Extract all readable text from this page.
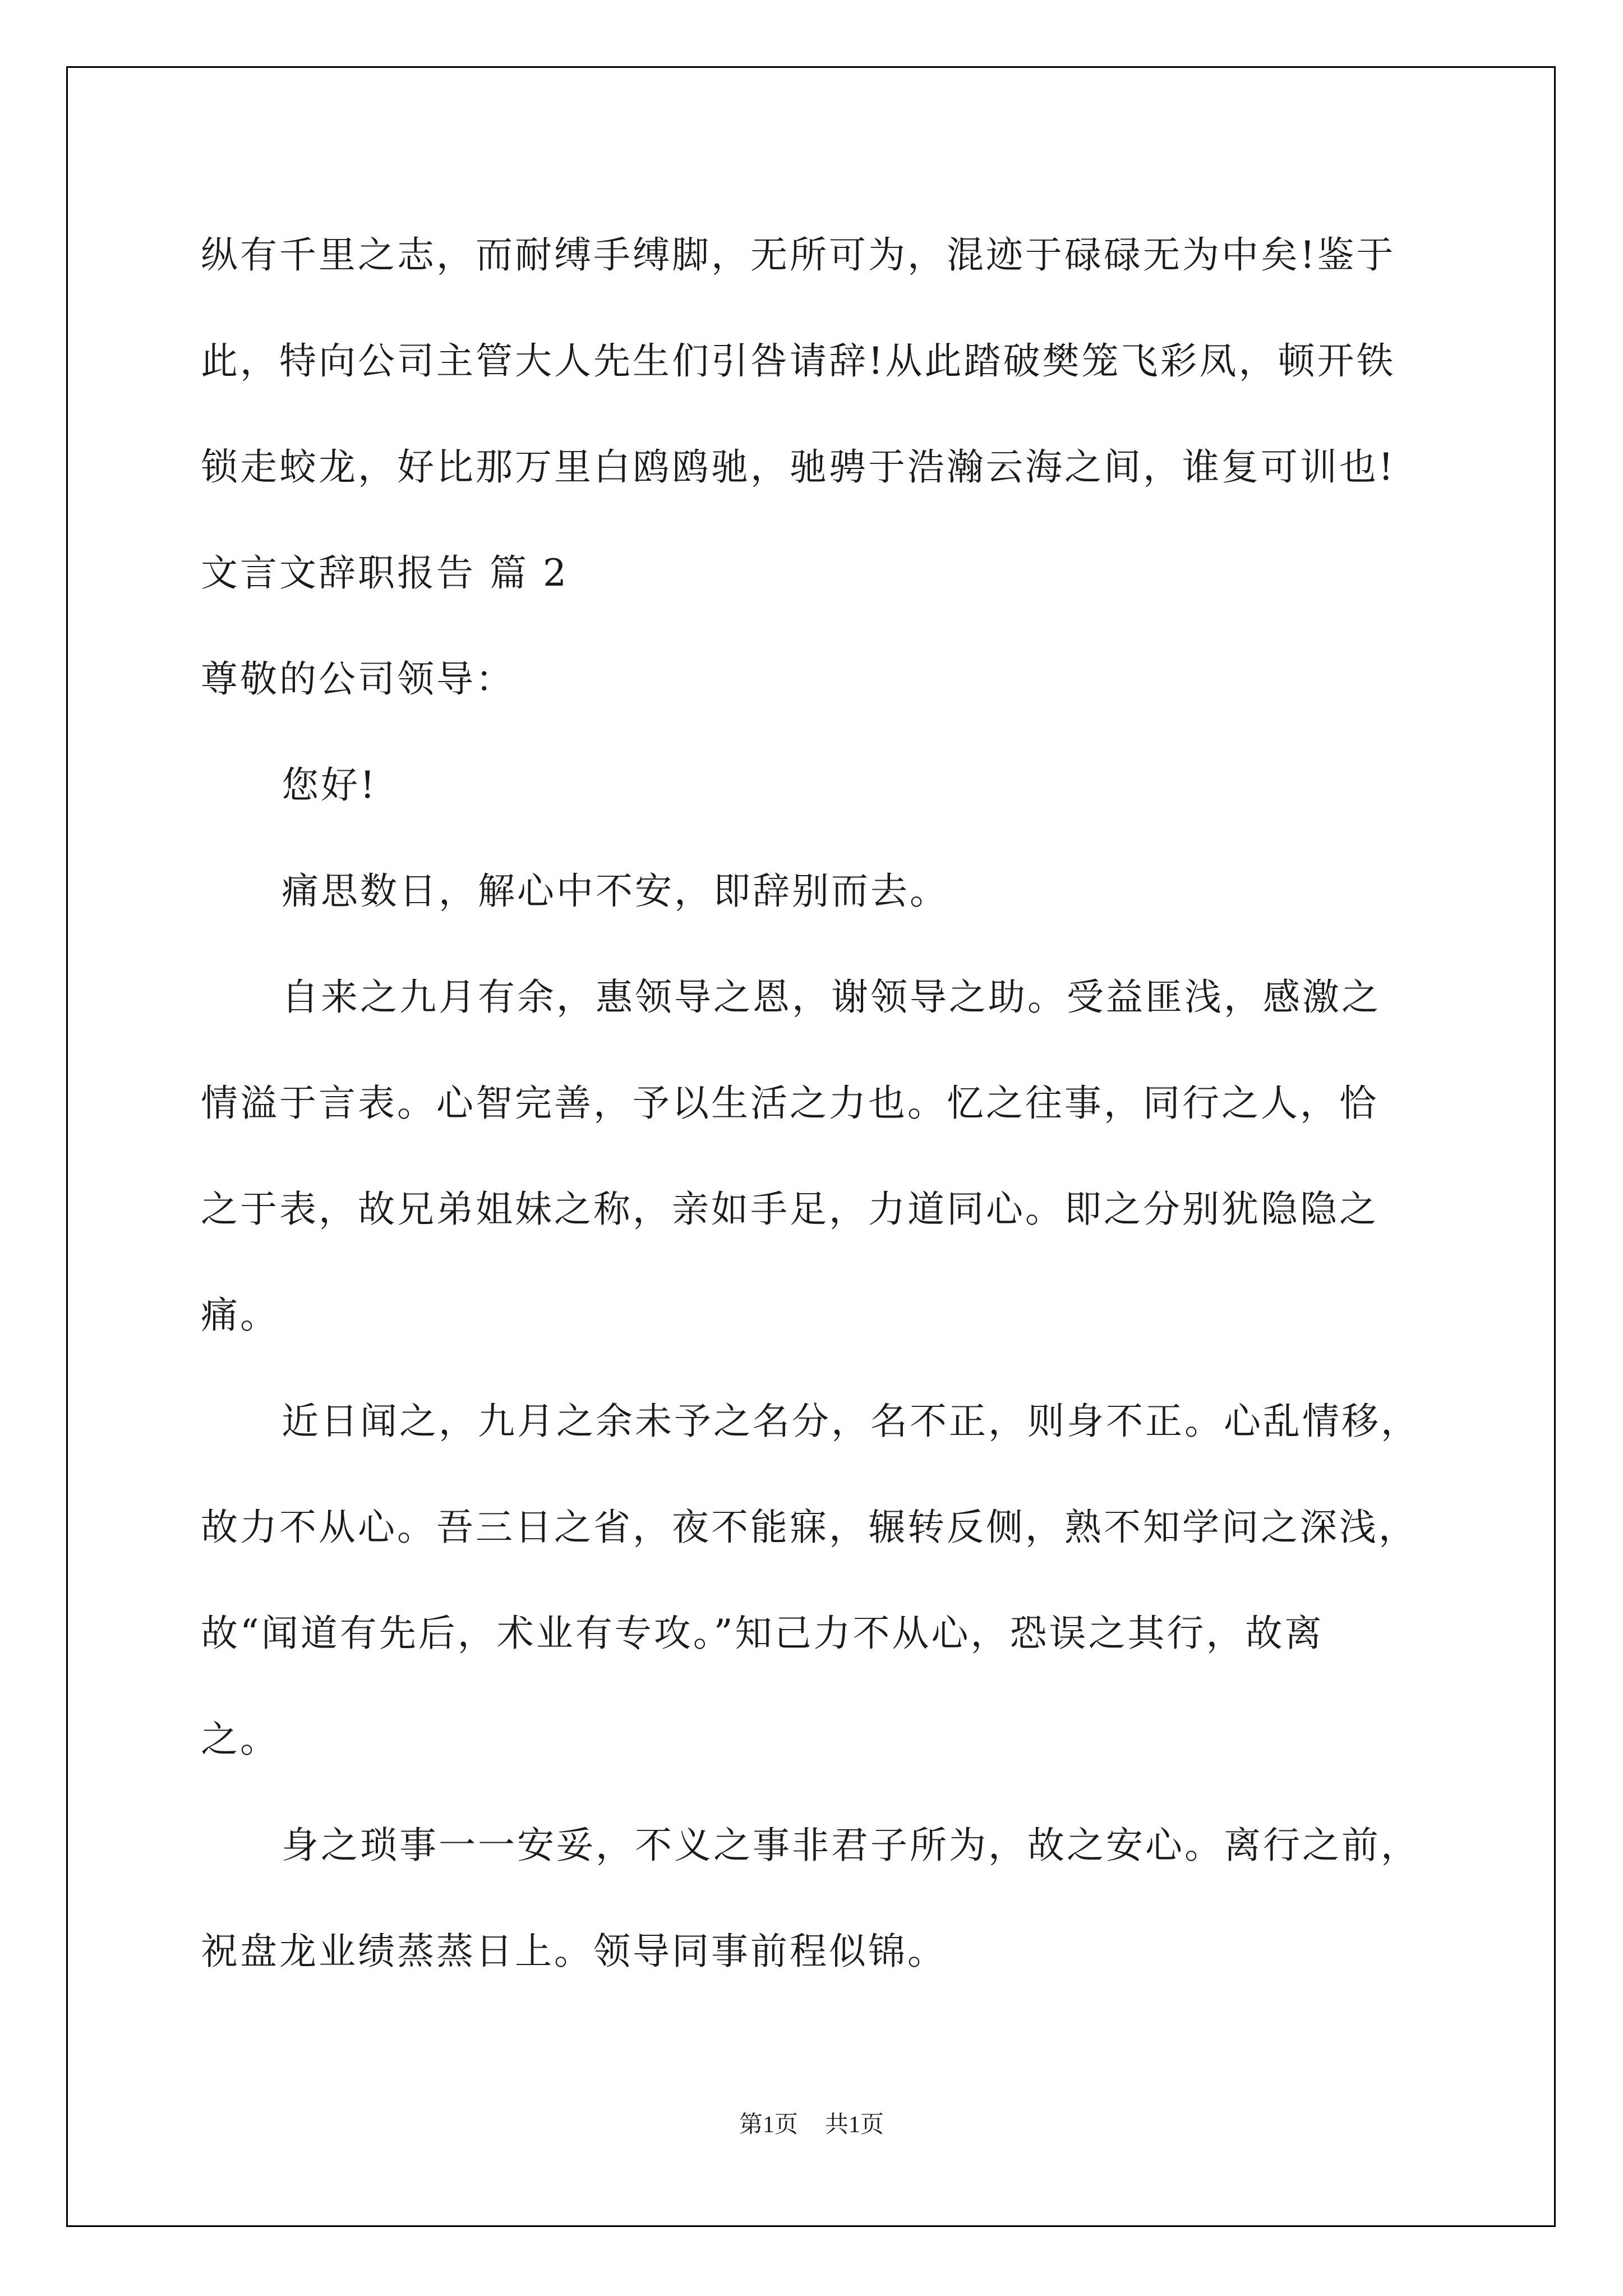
纵有千里之志，而耐缚手缚脚，无所可为，混迹于碌碌无为中矣!鉴于
此，特向公司主管大人先生们引咎请辞!从此踏破樊笼飞彩凤，顿开铁
锁走蛟龙，好比那万里白鸥鸥驰，驰骋于浩瀚云海之间，谁复可训也!
文言文辞职报告 篇 2
尊敬的公司领导：
您好!
痛思数日，解心中不安，即辞别而去。
自来之九月有余，惠领导之恩，谢领导之助。受益匪浅，感激之
情溢于言表。心智完善，予以生活之力也。忆之往事，同行之人，恰
之于表，故兄弟姐妹之称，亲如手足，力道同心。即之分别犹隐隐之
痛。
近日闻之，九月之余未予之名分，名不正，则身不正。心乱情移，
故力不从心。吾三日之省，夜不能寐，辗转反侧，熟不知学问之深浅，
故“闻道有先后，术业有专攻。”知己力不从心，恐误之其行，故离
之。
身之琐事一一安妥，不义之事非君子所为，故之安心。离行之前，
祝盘龙业绩蒸蒸日上。领导同事前程似锦。
第1页 共1页
